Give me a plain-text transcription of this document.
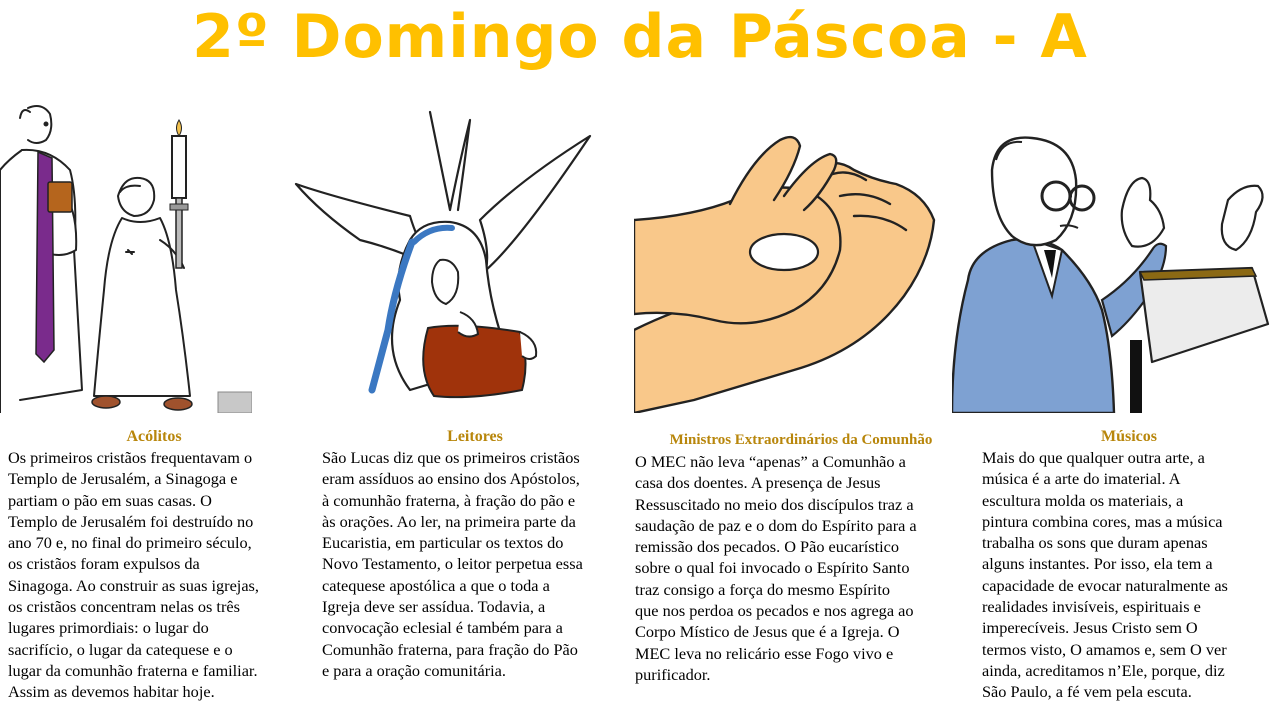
2º Domingo da Páscoa - A
Acólitos
Os primeiros cristãos frequentavam o
Templo de Jerusalém, a Sinagoga e
partiam o pão em suas casas. O
Templo de Jerusalém foi destruído no
ano 70 e, no final do primeiro século,
os cristãos foram expulsos da
Sinagoga. Ao construir as suas igrejas,
os cristãos concentram nelas os três
lugares primordiais: o lugar do
sacrifício, o lugar da catequese e o
lugar da comunhão fraterna e familiar.
Assim as devemos habitar hoje.
Leitores
São Lucas diz que os primeiros cristãos
eram assíduos ao ensino dos Apóstolos,
à comunhão fraterna, à fração do pão e
às orações. Ao ler, na primeira parte da
Eucaristia, em particular os textos do
Novo Testamento, o leitor perpetua essa
catequese apostólica a que o toda a
Igreja deve ser assídua. Todavia, a
convocação eclesial é também para a
Comunhão fraterna, para fração do Pão
e para a oração comunitária.
Ministros Extraordinários da Comunhão
O MEC não leva “apenas” a Comunhão a
casa dos doentes. A presença de Jesus
Ressuscitado no meio dos discípulos traz a
saudação de paz e o dom do Espírito para a
remissão dos pecados. O Pão eucarístico
sobre o qual foi invocado o Espírito Santo
traz consigo a força do mesmo Espírito
que nos perdoa os pecados e nos agrega ao
Corpo Místico de Jesus que é a Igreja. O
MEC leva no relicário esse Fogo vivo e
purificador.
Músicos
Mais do que qualquer outra arte, a
música é a arte do imaterial. A
escultura molda os materiais, a
pintura combina cores, mas a música
trabalha os sons que duram apenas
alguns instantes. Por isso, ela tem a
capacidade de evocar naturalmente as
realidades invisíveis, espirituais e
imperecíveis. Jesus Cristo sem O
termos visto, O amamos e, sem O ver
ainda, acreditamos n’Ele, porque, diz
São Paulo, a fé vem pela escuta.
